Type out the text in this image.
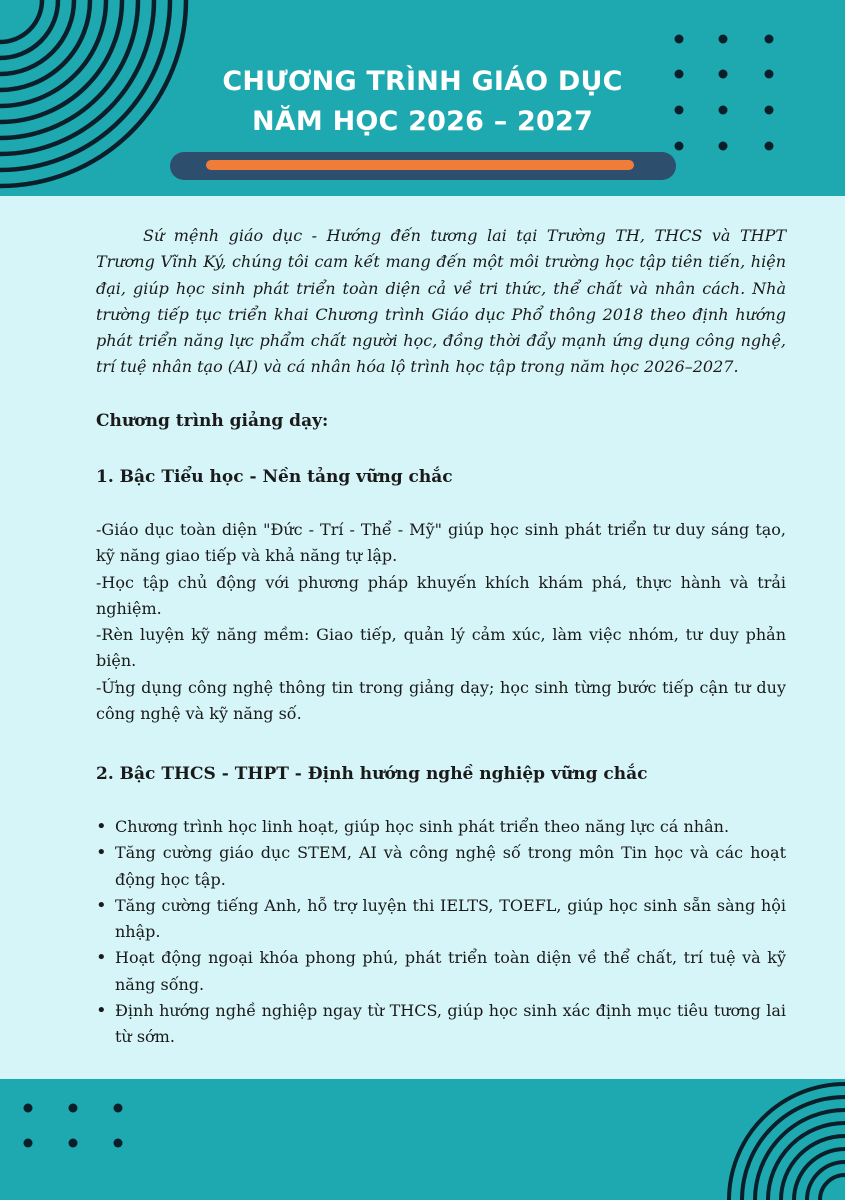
CHƯƠNG TRÌNH GIÁO DỤC
NĂM HỌC 2026 – 2027
Sứ mệnh giáo dục - Hướng đến tương lai tại Trường TH, THCS và THPT Trương Vĩnh Ký, chúng tôi cam kết mang đến một môi trường học tập tiên tiến, hiện đại, giúp học sinh phát triển toàn diện cả về tri thức, thể chất và nhân cách. Nhà trường tiếp tục triển khai Chương trình Giáo dục Phổ thông 2018 theo định hướng phát triển năng lực phẩm chất người học, đồng thời đẩy mạnh ứng dụng công nghệ, trí tuệ nhân tạo (AI) và cá nhân hóa lộ trình học tập trong năm học 2026–2027.
Chương trình giảng dạy:
1. Bậc Tiểu học - Nền tảng vững chắc

-Giáo dục toàn diện "Đức - Trí - Thể - Mỹ" giúp học sinh phát triển tư duy sáng tạo, kỹ năng giao tiếp và khả năng tự lập.

-Học tập chủ động với phương pháp khuyến khích khám phá, thực hành và trải nghiệm.

-Rèn luyện kỹ năng mềm: Giao tiếp, quản lý cảm xúc, làm việc nhóm, tư duy phản biện.

-Ứng dụng công nghệ thông tin trong giảng dạy; học sinh từng bước tiếp cận tư duy công nghệ và kỹ năng số.

2. Bậc THCS - THPT - Định hướng nghề nghiệp vững chắc
• Chương trình học linh hoạt, giúp học sinh phát triển theo năng lực cá nhân.
• Tăng cường giáo dục STEM, AI và công nghệ số trong môn Tin học và các hoạt động học tập.
• Tăng cường tiếng Anh, hỗ trợ luyện thi IELTS, TOEFL, giúp học sinh sẵn sàng hội nhập.
• Hoạt động ngoại khóa phong phú, phát triển toàn diện về thể chất, trí tuệ và kỹ năng sống.
• Định hướng nghề nghiệp ngay từ THCS, giúp học sinh xác định mục tiêu tương lai từ sớm.
